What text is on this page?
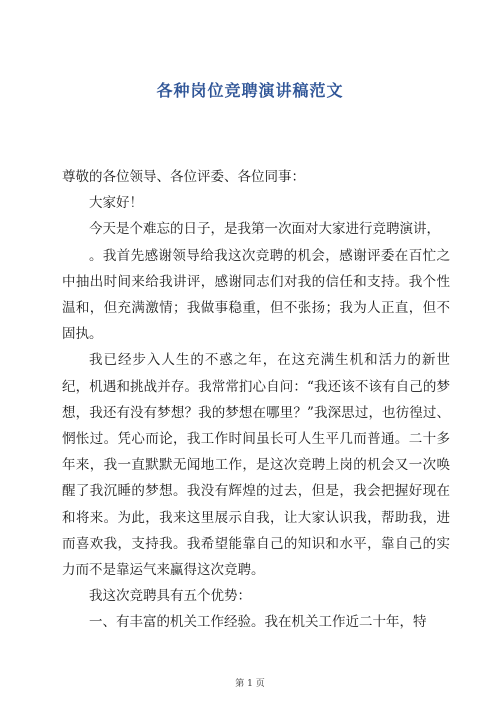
各种岗位竞聘演讲稿范文

尊敬的各位领导、各位评委、各位同事：

大家好！

今天是个难忘的日子，是我第一次面对大家进行竞聘演讲，

。我首先感谢领导给我这次竞聘的机会，感谢评委在百忙之中抽出时间来给我讲评，感谢同志们对我的信任和支持。我个性温和，但充满激情；我做事稳重，但不张扬；我为人正直，但不固执。

我已经步入人生的不惑之年，在这充满生机和活力的新世纪，机遇和挑战并存。我常常扪心自问：“我还该不该有自己的梦想，我还有没有梦想？我的梦想在哪里？”我深思过，也彷徨过、惘怅过。凭心而论，我工作时间虽长可人生平几而普通。二十多年来，我一直默默无闻地工作，是这次竞聘上岗的机会又一次唤醒了我沉睡的梦想。我没有辉煌的过去，但是，我会把握好现在和将来。为此，我来这里展示自我，让大家认识我，帮助我，进而喜欢我，支持我。我希望能靠自己的知识和水平，靠自己的实力而不是靠运气来赢得这次竞聘。

我这次竞聘具有五个优势：

一、有丰富的机关工作经验。我在机关工作近二十年，特

第 1 页
